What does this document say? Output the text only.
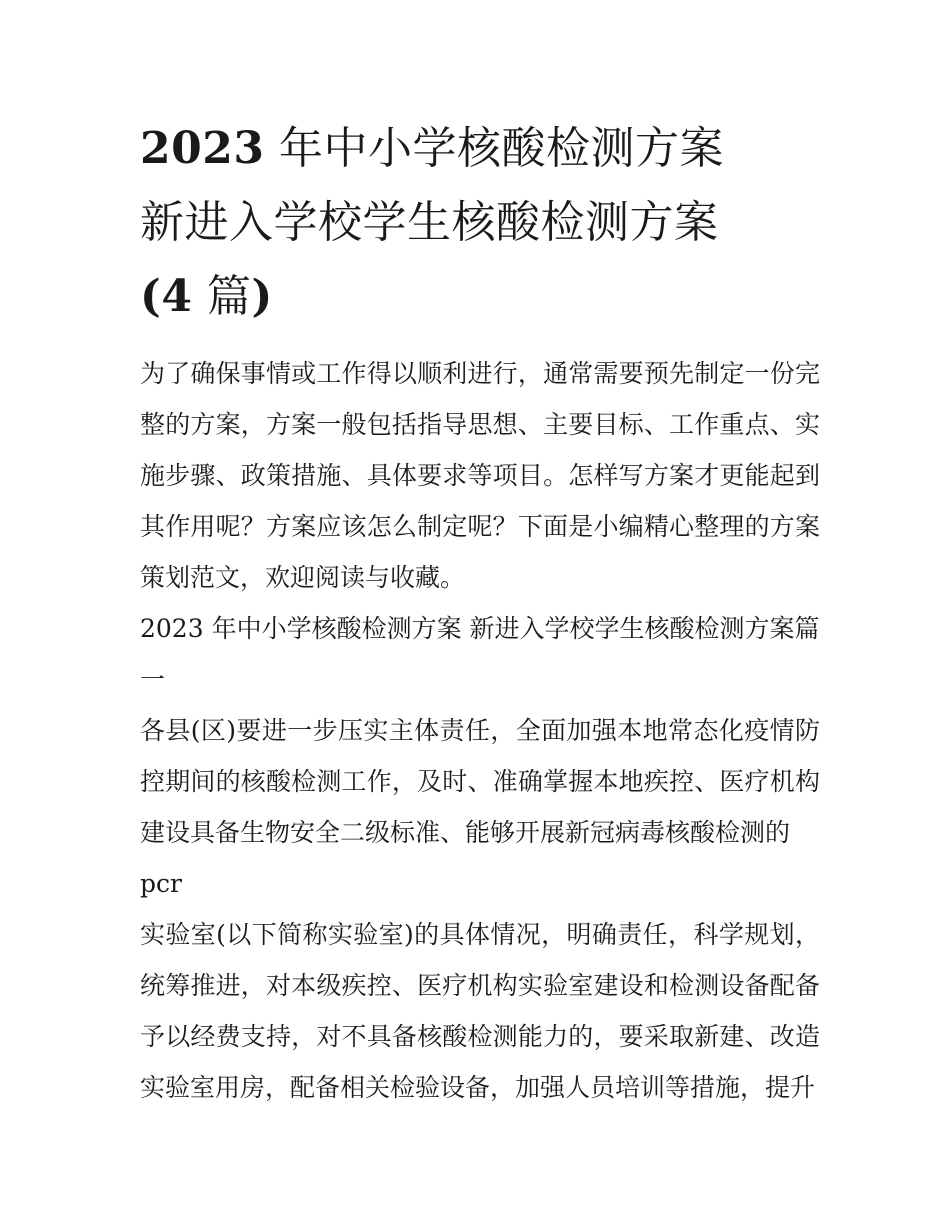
2023 年中小学核酸检测方案
新进入学校学生核酸检测方案
(4 篇)

为了确保事情或工作得以顺利进行，通常需要预先制定一份完整的方案，方案一般包括指导思想、主要目标、工作重点、实施步骤、政策措施、具体要求等项目。怎样写方案才更能起到其作用呢？方案应该怎么制定呢？下面是小编精心整理的方案策划范文，欢迎阅读与收藏。

2023 年中小学核酸检测方案 新进入学校学生核酸检测方案篇一

各县(区)要进一步压实主体责任，全面加强本地常态化疫情防控期间的核酸检测工作，及时、准确掌握本地疾控、医疗机构建设具备生物安全二级标准、能够开展新冠病毒核酸检测的

pcr

实验室(以下简称实验室)的具体情况，明确责任，科学规划，统筹推进，对本级疾控、医疗机构实验室建设和检测设备配备予以经费支持，对不具备核酸检测能力的，要采取新建、改造实验室用房，配备相关检验设备，加强人员培训等措施，提升
